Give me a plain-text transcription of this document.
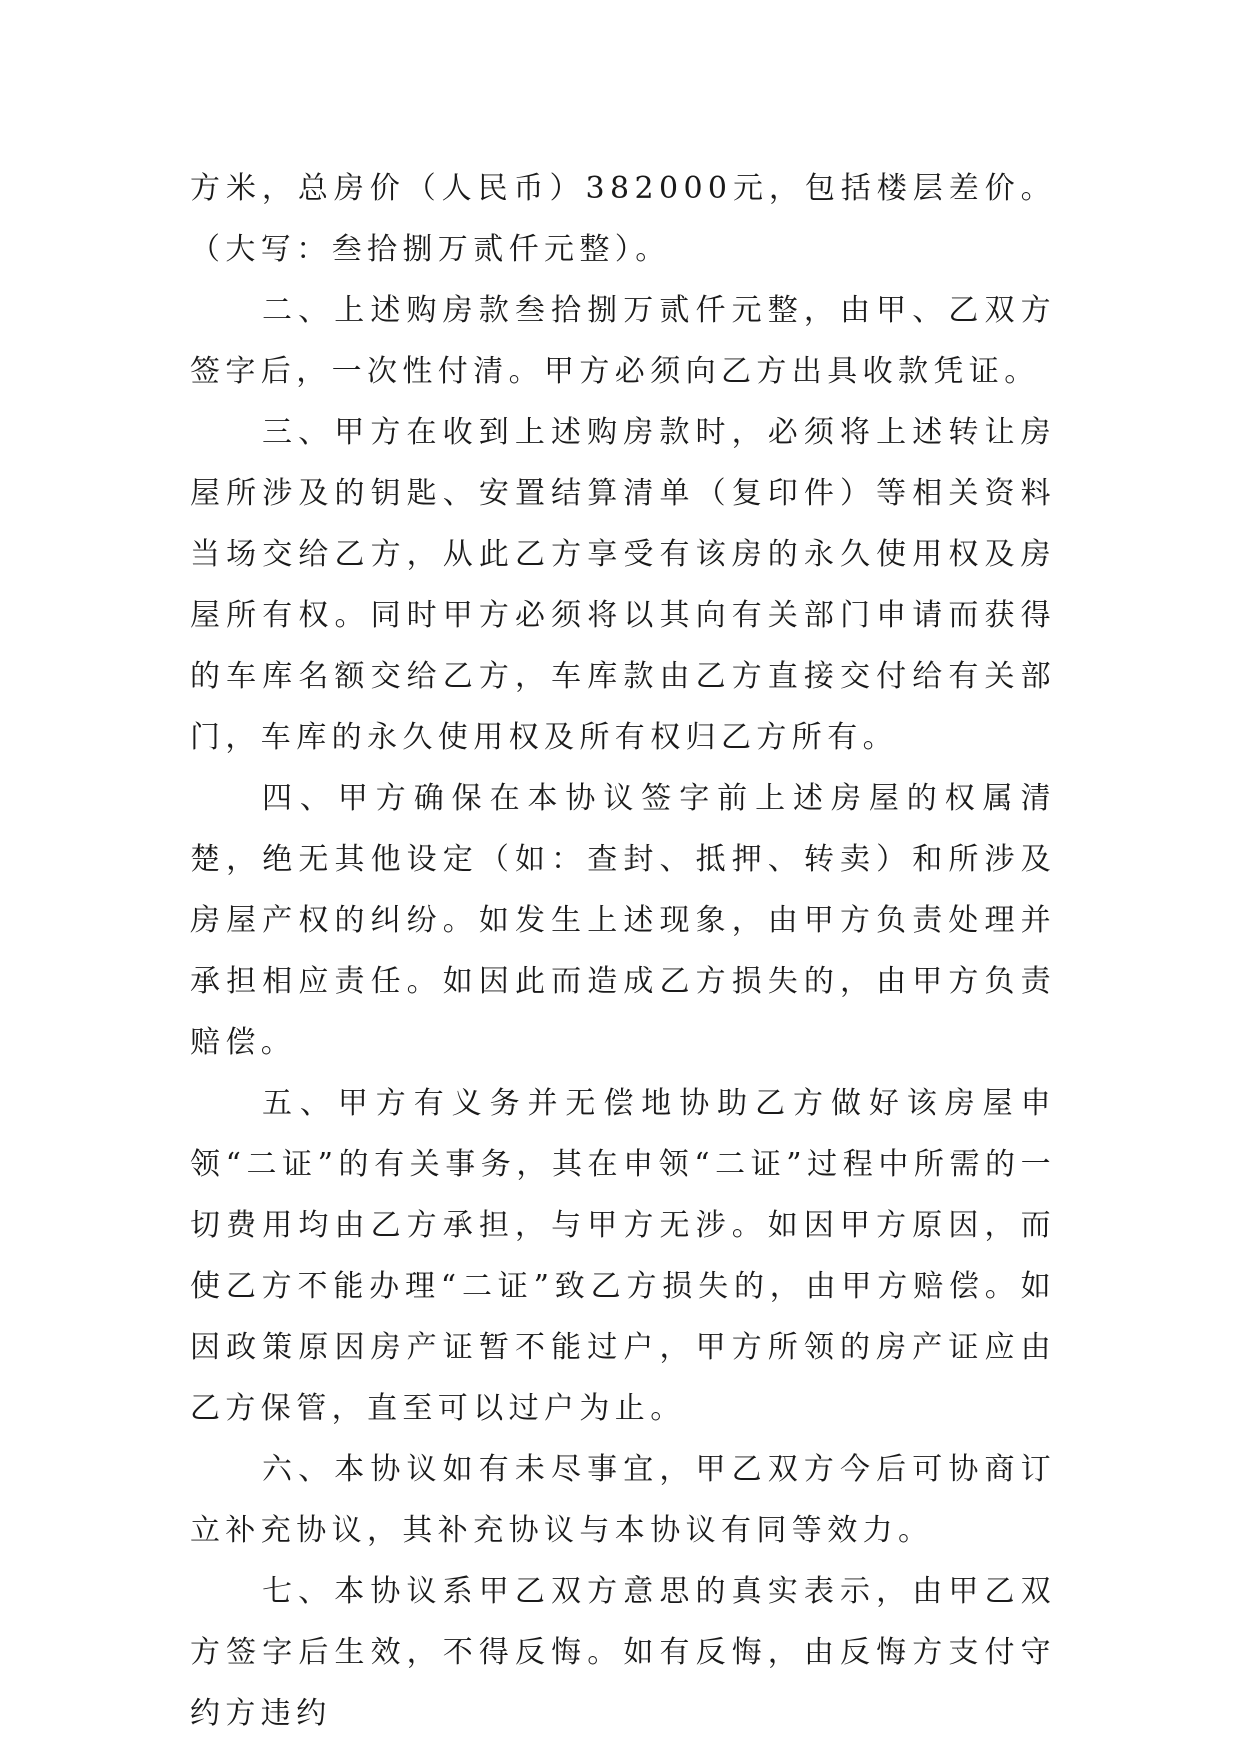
方米，总房价（人民币）382000元，包括楼层差价。（大写：叁拾捌万贰仟元整）。

二、上述购房款叁拾捌万贰仟元整，由甲、乙双方签字后，一次性付清。甲方必须向乙方出具收款凭证。

三、甲方在收到上述购房款时，必须将上述转让房屋所涉及的钥匙、安置结算清单（复印件）等相关资料当场交给乙方，从此乙方享受有该房的永久使用权及房屋所有权。同时甲方必须将以其向有关部门申请而获得的车库名额交给乙方，车库款由乙方直接交付给有关部门，车库的永久使用权及所有权归乙方所有。

四、甲方确保在本协议签字前上述房屋的权属清楚，绝无其他设定（如：查封、抵押、转卖）和所涉及房屋产权的纠纷。如发生上述现象，由甲方负责处理并承担相应责任。如因此而造成乙方损失的，由甲方负责赔偿。

五、甲方有义务并无偿地协助乙方做好该房屋申领“二证”的有关事务，其在申领“二证”过程中所需的一切费用均由乙方承担，与甲方无涉。如因甲方原因，而使乙方不能办理“二证”致乙方损失的，由甲方赔偿。如因政策原因房产证暂不能过户，甲方所领的房产证应由乙方保管，直至可以过户为止。

六、本协议如有未尽事宜，甲乙双方今后可协商订立补充协议，其补充协议与本协议有同等效力。

七、本协议系甲乙双方意思的真实表示，由甲乙双方签字后生效，不得反悔。如有反悔，由反悔方支付守约方违约
